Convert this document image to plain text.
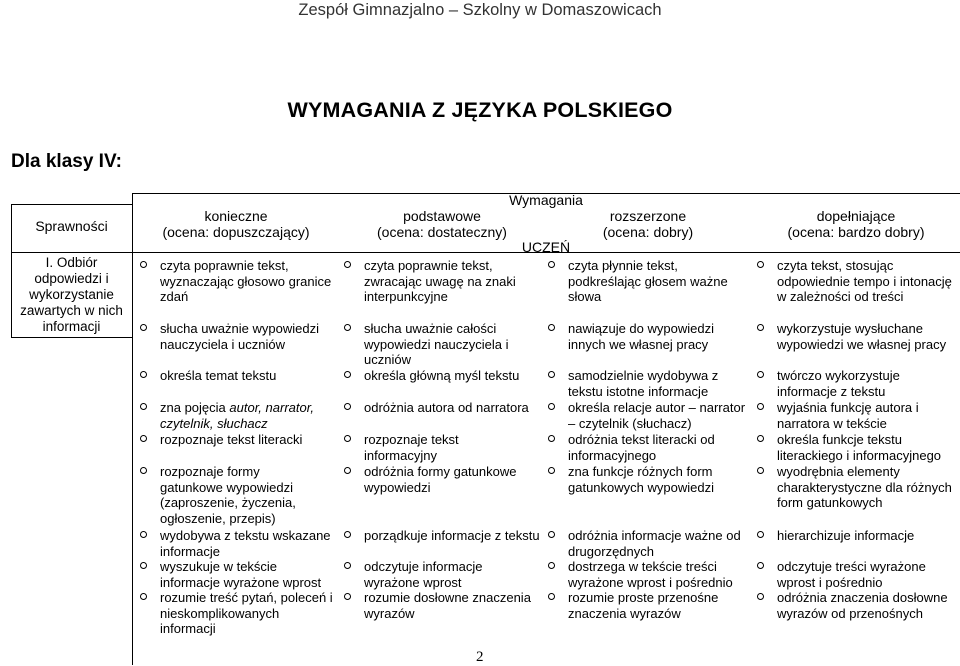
Zespół Gimnazjalno – Szkolny w Domaszowicach
WYMAGANIA Z JĘZYKA POLSKIEGO
Dla klasy IV:
Sprawności
Wymagania
UCZEŃ
konieczne
(ocena: dopuszczający)
podstawowe
(ocena: dostateczny)
rozszerzone
(ocena: dobry)
dopełniające
(ocena: bardzo dobry)
I. Odbiór odpowiedzi i wykorzystanie zawartych w nich informacji
czyta poprawnie tekst, wyznaczając głosowo granice zdań
słucha uważnie wypowiedzi nauczyciela i uczniów
określa temat tekstu
zna pojęcia autor, narrator, czytelnik, słuchacz
rozpoznaje tekst literacki
rozpoznaje formy gatunkowe wypowiedzi (zaproszenie, życzenia, ogłoszenie, przepis)
wydobywa z tekstu wskazane informacje
wyszukuje w tekście informacje wyrażone wprost
rozumie treść pytań, poleceń i nieskomplikowanych informacji
czyta poprawnie tekst, zwracając uwagę na znaki interpunkcyjne
słucha uważnie całości wypowiedzi nauczyciela i uczniów
określa główną myśl tekstu
odróżnia autora od narratora
rozpoznaje tekst informacyjny
odróżnia formy gatunkowe wypowiedzi
porządkuje informacje z tekstu
odczytuje informacje wyrażone wprost
rozumie dosłowne znaczenia wyrazów
czyta płynnie tekst, podkreślając głosem ważne słowa
nawiązuje do wypowiedzi innych we własnej pracy
samodzielnie wydobywa z tekstu istotne informacje
określa relacje autor – narrator – czytelnik (słuchacz)
odróżnia tekst literacki od informacyjnego
zna funkcje różnych form gatunkowych wypowiedzi
odróżnia informacje ważne od drugorzędnych
dostrzega w tekście treści wyrażone wprost i pośrednio
rozumie proste przenośne znaczenia wyrazów
czyta tekst, stosując odpowiednie tempo i intonację w zależności od treści
wykorzystuje wysłuchane wypowiedzi we własnej pracy
twórczo wykorzystuje informacje z tekstu
wyjaśnia funkcję autora i narratora w tekście
określa funkcje tekstu literackiego i informacyjnego
wyodrębnia elementy charakterystyczne dla różnych form gatunkowych
hierarchizuje informacje
odczytuje treści wyrażone wprost i pośrednio
odróżnia znaczenia dosłowne wyrazów od przenośnych
2
